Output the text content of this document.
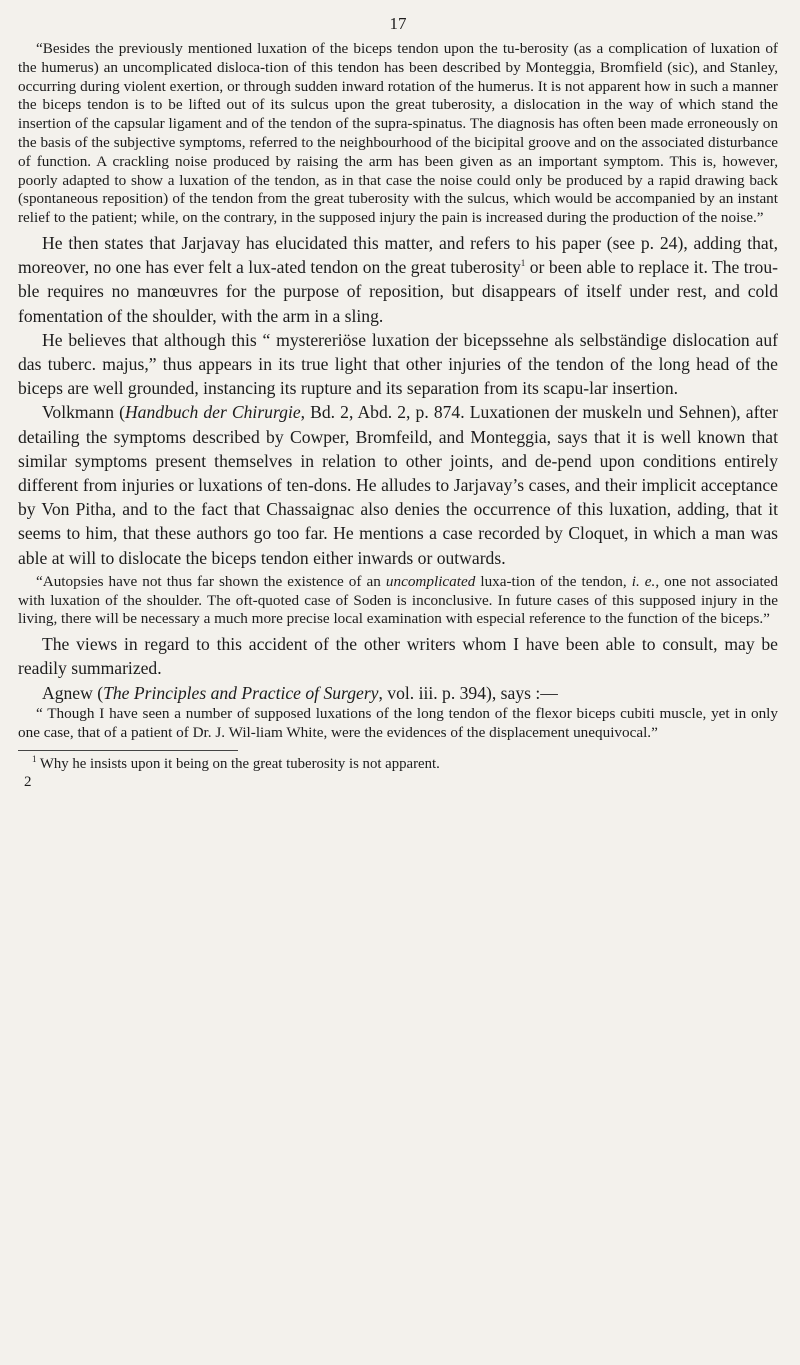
17

“Besides the previously mentioned luxation of the biceps tendon upon the tu-berosity (as a complication of luxation of the humerus) an uncomplicated disloca-tion of this tendon has been described by Monteggia, Bromfield (sic), and Stanley, occurring during violent exertion, or through sudden inward rotation of the humerus. It is not apparent how in such a manner the biceps tendon is to be lifted out of its sulcus upon the great tuberosity, a dislocation in the way of which stand the insertion of the capsular ligament and of the tendon of the supra-spinatus. The diagnosis has often been made erroneously on the basis of the subjective symptoms, referred to the neighbourhood of the bicipital groove and on the associated disturbance of function. A crackling noise produced by raising the arm has been given as an important symptom. This is, however, poorly adapted to show a luxation of the tendon, as in that case the noise could only be produced by a rapid drawing back (spontaneous reposition) of the tendon from the great tuberosity with the sulcus, which would be accompanied by an instant relief to the patient; while, on the contrary, in the supposed injury the pain is increased during the production of the noise.”

He then states that Jarjavay has elucidated this matter, and refers to his paper (see p. 24), adding that, moreover, no one has ever felt a lux-ated tendon on the great tuberosity$^1$ or been able to replace it. The trou-ble requires no manœuvres for the purpose of reposition, but disappears of itself under rest, and cold fomentation of the shoulder, with the arm in a sling.

He believes that although this “ mystereriöse luxation der bicepssehne als selbständige dislocation auf das tuberc. majus,” thus appears in its true light that other injuries of the tendon of the long head of the biceps are well grounded, instancing its rupture and its separation from its scapu-lar insertion.

Volkmann (Handbuch der Chirurgie, Bd. 2, Abd. 2, p. 874. Luxationen der muskeln und Sehnen), after detailing the symptoms described by Cowper, Bromfeild, and Monteggia, says that it is well known that similar symptoms present themselves in relation to other joints, and de-pend upon conditions entirely different from injuries or luxations of ten-dons. He alludes to Jarjavay’s cases, and their implicit acceptance by Von Pitha, and to the fact that Chassaignac also denies the occurrence of this luxation, adding, that it seems to him, that these authors go too far. He mentions a case recorded by Cloquet, in which a man was able at will to dislocate the biceps tendon either inwards or outwards.

“Autopsies have not thus far shown the existence of an uncomplicated luxa-tion of the tendon, i. e., one not associated with luxation of the shoulder. The oft-quoted case of Soden is inconclusive. In future cases of this supposed injury in the living, there will be necessary a much more precise local examination with especial reference to the function of the biceps.”

The views in regard to this accident of the other writers whom I have been able to consult, may be readily summarized.

Agnew (The Principles and Practice of Surgery, vol. iii. p. 394), says :—

“ Though I have seen a number of supposed luxations of the long tendon of the flexor biceps cubiti muscle, yet in only one case, that of a patient of Dr. J. Wil-liam White, were the evidences of the displacement unequivocal.”

$^1$ Why he insists upon it being on the great tuberosity is not apparent.

2
